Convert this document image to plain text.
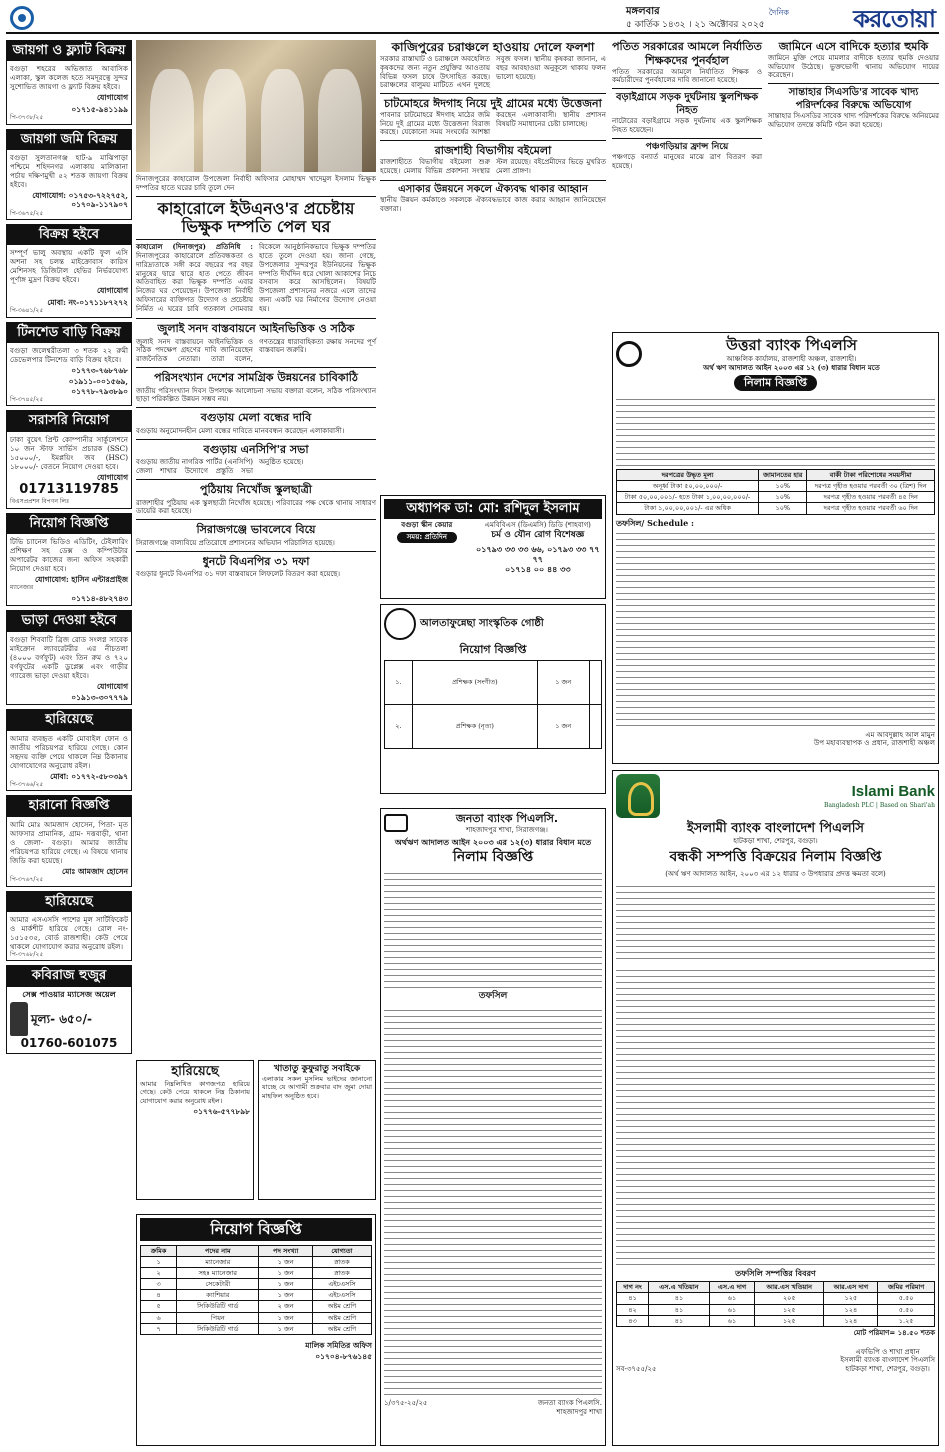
মঙ্গলবার
৫ কার্তিক ১৪৩২ । ২১ অক্টোবর ২০২৫
দৈনিক	করতোয়া
জায়গা ও ফ্ল্যাট বিক্রয়
বগুড়া শহরের অভিজাত আবাসিক এলাকা, স্কুল কলেজ হতে সমদূরত্বে সুন্দর সুশোভিত জায়গা ও ফ্ল্যাট বিক্রয় হইবে।
যোগাযোগ
০১৭১৫-৯৪১১৯৯
পি-৩৭৩৮/২৫
জায়গা জমি বিক্রয়
বগুড়া সুলতানগঞ্জ হাট-৯ মাঝিপাড়া পশ্চিমে শহিদনগর এলাকায় মালিকানা পর্চায় দক্ষিণমুখী ৫২ শতক জায়গা বিক্রয় হইবে।
যোগাযোগ: ০১৭৫৩-৭২২৭৫২, ০১৭০৯-১১৭৯০৭
পি-৩৬৭৫/২৫
বিক্রয় হইবে
সম্পূর্ণ ভালু অবস্থায় একটি ফুল এসি অশনা সহ চলন্ত মাইক্রোবাস কারিস মেশিনসহ ডিজিটাল হেভির নির্ভরযোগ্য পূর্ণাঙ্গ মুদ্রণ বিক্রয় হইবে।
যোগাযোগ
মোবা: নং-০১৭১১৮৭২৭২
পি-৩৬৪১/২৫
টিনশেড বাড়ি বিক্রয়
বগুড়া জলেশ্বরীতলা ৩ শতক ২২ রুমী ডেভেলপার টিনশেড বাড়ি বিক্রয় হইবে।
০১৭৭৩-৭৬৮৭৬৮
০১৯১১-০০১৫৬৯, ০১৭৭৮-৭৯৩৮৯০
পি-৩৭৪৫/২৫
সরাসরি নিয়োগ
ঢাকা বুয়েৎ প্রিন্ট কোম্পানীর সার্কুলেশনে ১০ জন স্টাফ সার্ভিস প্রচারক (SSC) ১৫০০০/-, ইমপ্লয়িং জব (HSC) ১৮০০০/- বেতনে নিয়োগ দেওয়া হবে।
যোগাযোগ
01713119785
বিএসপ্রপ্রশন বিপণন লিঃ
নিয়োগ বিজ্ঞপ্তি
টিভি চ্যানেল ভিডিও এডিটিং, টেইলারিং প্রশিক্ষণ সহ ডেক্স ও কম্পিউটার অপারেটর কাজের জন্য অফিস সহকারী নিয়োগ দেওয়া হবে।
যোগাযোগ: হাসিন এন্টারপ্রাইজ
ম্যানেজার
০১৭১৪-৪৮২৭৪৩
ভাড়া দেওয়া হইবে
বগুড়া শিববাটি ব্রিজ রোড সংলগ্ন সাবেক মাইক্রোন ল্যাবরেটরীর এর নীচতলা (৪০০০ বর্গফুট) এবং তিন রুম ও ৭২০ বর্গফুটের একটি ডুপ্লেক্স এবং গাড়ীর গ্যারেজ ভাড়া দেওয়া হইবে।
যোগাযোগ
০১৯১৩-৩০৭৭৭৯
হারিয়েছে
আমার ব্যবহৃত একটি মোবাইল ফোন ও জাতীয় পরিচয়পত্র হারিয়ে গেছে। কোন সহৃদয় ব্যক্তি পেয়ে থাকলে নিম্ন ঠিকানায় যোগাযোগের অনুরোধ রইল।
মোবা: ০১৭৭২-৫৮০৩৯৭
পি-৩৭৬৬/২৫
হারানো বিজ্ঞপ্তি
আমি মোঃ আমজাদ হোসেন, পিতা- মৃত আফসার প্রামানিক, গ্রাম- দত্তবাড়ী, থানা ও জেলা- বগুড়া। আমার জাতীয় পরিচয়পত্র হারিয়ে গেছে। এ বিষয়ে থানায় জিডি করা হয়েছে।
মোঃ আমজাদ হোসেন
পি-৩৭৬৭/২৫
হারিয়েছে
আমার এসএসসি পাশের মূল সার্টিফিকেট ও মার্কশীট হারিয়ে গেছে। রোল নং- ১৫১৫৩৫, বোর্ড রাজশাহী। কেউ পেয়ে থাকলে যোগাযোগ করার অনুরোধ রইল।
পি-৩৭৬৮/২৫
কবিরাজ হুজুর
সেক্স পাওয়ার ম্যাসেজ অয়েল
মূল্য- ৬৫০/-
01760-601075
দিনাজপুরের কাহারোল উপজেলা নির্বাহী অফিসার মোহাম্মদ খাদেমুল ইসলাম ভিক্ষুক দম্পতির হাতে ঘরের চাবি তুলে দেন
কাহারোলে ইউএনও'র প্রচেষ্টায় ভিক্ষুক দম্পতি পেল ঘর
কাহারোল (দিনাজপুর) প্রতিনিধি : দিনাজপুরের কাহারোলে প্রতিবন্ধকতা ও দারিদ্র্যতাকে সঙ্গী করে বছরের পর বছর মানুষের দ্বারে দ্বারে হাত পেতে জীবন অতিবাহিত করা ভিক্ষুক দম্পতি এবার নিজের ঘর পেয়েছেন। উপজেলা নির্বাহী অফিসারের ব্যক্তিগত উদ্যোগ ও প্রচেষ্টায় নির্মিত এ ঘরের চাবি গতকাল সোমবার বিকেলে আনুষ্ঠানিকভাবে ভিক্ষুক দম্পতির হাতে তুলে দেওয়া হয়। জানা গেছে, উপজেলার সুন্দরপুর ইউনিয়নের ভিক্ষুক দম্পতি দীর্ঘদিন ধরে খোলা আকাশের নিচে বসবাস করে আসছিলেন। বিষয়টি উপজেলা প্রশাসনের নজরে এলে তাদের জন্য একটি ঘর নির্মাণের উদ্যোগ নেওয়া হয়।
জুলাই সনদ বাস্তবায়নে আইনভিত্তিক ও সঠিক
জুলাই সনদ বাস্তবায়নে আইনভিত্তিক ও সঠিক পদক্ষেপ গ্রহণের দাবি জানিয়েছেন রাজনৈতিক নেতারা। তারা বলেন, গণতন্ত্রের ধারাবাহিকতা রক্ষায় সনদের পূর্ণ বাস্তবায়ন জরুরি।
পরিসংখ্যান দেশের সামগ্রিক উন্নয়নের চাবিকাঠি
জাতীয় পরিসংখ্যান দিবস উপলক্ষে আলোচনা সভায় বক্তারা বলেন, সঠিক পরিসংখ্যান ছাড়া পরিকল্পিত উন্নয়ন সম্ভব নয়।
বগুড়ায় মেলা বন্ধের দাবি
বগুড়ায় অনুমোদনহীন মেলা বন্ধের দাবিতে মানববন্ধন করেছেন এলাকাবাসী।
বগুড়ায় এনসিপি'র সভা
বগুড়ায় জাতীয় নাগরিক পার্টির (এনসিপি) জেলা শাখার উদ্যোগে প্রস্তুতি সভা অনুষ্ঠিত হয়েছে।
পুঠিয়ায় নিখোঁজ স্কুলছাত্রী
রাজশাহীর পুঠিয়ায় এক স্কুলছাত্রী নিখোঁজ হয়েছে। পরিবারের পক্ষ থেকে থানায় সাধারণ ডায়েরি করা হয়েছে।
সিরাজগঞ্জে ভাবলেবে বিয়ে
সিরাজগঞ্জে বাল্যবিয়ে প্রতিরোধে প্রশাসনের অভিযান পরিচালিত হয়েছে।
ধুনটে বিএনপির ৩১ দফা
বগুড়ার ধুনটে বিএনপির ৩১ দফা বাস্তবায়নে লিফলেট বিতরণ করা হয়েছে।
হারিয়েছে
আমার নিম্নলিখিত কাগজপত্র হারিয়ে গেছে। কেউ পেয়ে থাকলে নিম্ন ঠিকানায় যোগাযোগ করার অনুরোধ রইল।
০১৭৭৬-৫৭৭৮৯৮
খাতাতু কুফুরাতু সবাইকে
এলাকার সকল মুসলিম ভাইদের জানানো যাচ্ছে যে আগামী শুক্রবার বাদ জুমা দোয়া মাহফিল অনুষ্ঠিত হবে।
নিয়োগ বিজ্ঞপ্তি
ক্রমিক	পদের নাম	পদ সংখ্যা	যোগ্যতা
১	ম্যানেজার	১ জন	স্নাতক
২	সহঃ ম্যানেজার	১ জন	স্নাতক
৩	সেকেটারী	১ জন	এইচএসসি
৪	ক্যাশিয়ার	১ জন	এইচএসসি
৫	সিকিউরিটি গার্ড	২ জন	অষ্টম শ্রেণি
৬	পিয়ন	১ জন	অষ্টম শ্রেণি
৭	সিকিউরিটি গার্ড	১ জন	অষ্টম শ্রেণি
মালিক সমিতির অফিস
০১৭০৪-৮৭৬১৪৫
কাজিপুরের চরাঞ্চলে হাওয়ায় দোলে ফলশা
সরকার রাস্তাঘাট ও চরাঞ্চলে অবহেলিত কৃষকদের জন্য নতুন প্রযুক্তির আওতায় বিভিন্ন ফসল চাষে উৎসাহিত করছে। চরাঞ্চলের বালুময় মাটিতে এখন দুলছে সবুজ ফসল। স্থানীয় কৃষকরা জানান, এ বছর আবহাওয়া অনুকূলে থাকায় ফলন ভালো হয়েছে।
চাটমোহরে ঈদগাহ নিয়ে দুই গ্রামের মধ্যে উত্তেজনা
পাবনার চাটমোহরে ঈদগাহ মাঠের জমি নিয়ে দুই গ্রামের মধ্যে উত্তেজনা বিরাজ করছে। যেকোনো সময় সংঘর্ষের আশঙ্কা করছেন এলাকাবাসী। স্থানীয় প্রশাসন বিষয়টি সমাধানের চেষ্টা চালাচ্ছে।
রাজশাহী বিভাগীয় বইমেলা
রাজশাহীতে বিভাগীয় বইমেলা শুরু হয়েছে। মেলায় বিভিন্ন প্রকাশনা সংস্থার স্টল রয়েছে। বইপ্রেমীদের ভিড়ে মুখরিত মেলা প্রাঙ্গণ।
এসাকার উন্নয়নে সকলে ঐক্যবদ্ধ থাকার আহ্বান
স্থানীয় উন্নয়ন কর্মকাণ্ডে সকলকে ঐক্যবদ্ধভাবে কাজ করার আহ্বান জানিয়েছেন বক্তারা।
অধ্যাপক ডা: মো: রশিদুল ইসলাম
বগুড়া স্কীন কেয়ার
সময়: প্রতিদিন
এমবিবিএস (ডিএমসি) ডিডি (শাহবাগ)
চর্ম ও যৌন রোগ বিশেষজ্ঞ
০১৭৯৩ ৩৩ ৩৩ ৬৬, ০১৭৯৩ ৩৩ ৭৭ ৭৭
০১৭১৪ ০০ ৪৪ ৩৩
আলতাফুন্নেছা সাংস্কৃতিক গোষ্ঠী
নিয়োগ বিজ্ঞপ্তি
১.	প্রশিক্ষক (সংগীত)	১ জন	
২.	প্রশিক্ষক (নৃত্য)	১ জন	
জনতা ব্যাংক পিএলসি.
শাহজাদপুর শাখা, সিরাজগঞ্জ।
অর্থঋণ আদালত আইন ২০০৩ এর ১২(৩) ধারার বিধান মতে
নিলাম বিজ্ঞপ্তি
তফসিল
১/৩৭৫-২৫/২৫	জনতা ব্যাংক পিএলসি.
শাহজাদপুর শাখা
পতিত সরকারের আমলে নির্যাতিত শিক্ষকদের পুনর্বহাল
পতিত সরকারের আমলে নির্যাতিত শিক্ষক ও কর্মচারীদের পুনর্বহালের দাবি জানানো হয়েছে।
বড়াইগ্রামে সড়ক দুর্ঘটনায় স্কুলশিক্ষক নিহত
নাটোরের বড়াইগ্রামে সড়ক দুর্ঘটনায় এক স্কুলশিক্ষক নিহত হয়েছেন।
পঞ্চগড়িয়ার ফ্রান্স নিয়ে
পঞ্চগড়ে বন্যার্ত মানুষের মাঝে ত্রাণ বিতরণ করা হয়েছে।
জামিনে এসে বাদিকে হত্যার হুমকি
জামিনে মুক্তি পেয়ে মামলার বাদীকে হত্যার হুমকি দেওয়ার অভিযোগ উঠেছে। ভুক্তভোগী থানায় অভিযোগ দায়ের করেছেন।
সান্তাহার সিএসডি'র সাবেক খাদ্য পরিদর্শকের বিরুদ্ধে অভিযোগ
সান্তাহার সিএসডির সাবেক খাদ্য পরিদর্শকের বিরুদ্ধে অনিয়মের অভিযোগ তদন্তে কমিটি গঠন করা হয়েছে।
উত্তরা ব্যাংক পিএলসি
আঞ্চলিক কার্যালয়, রাজশাহী অঞ্চল, রাজশাহী।
অর্থ ঋণ আদালত আইন ২০০৩ এর ১২ (৩) ধারার বিধান মতে
নিলাম বিজ্ঞপ্তি
দরপত্রের উদ্ধৃত মূল্য	জামানতের হার	বাকী টাকা পরিশোধের সময়সীমা
অনূর্ধ্ব টাকা ৫০,০০,০০০/-	১০%	দরপত্র গৃহীত হওয়ার পরবর্তী ৩০ (ত্রিশ) দিন
টাকা ৫০,০০,০০১/- হতে টাকা ১,০০,০০,০০০/-	১০%	দরপত্র গৃহীত হওয়ার পরবর্তী ৪৫ দিন
টাকা ১,০০,০০,০০১/- এর অধিক	১০%	দরপত্র গৃহীত হওয়ার পরবর্তী ৬০ দিন
তফসিল/ Schedule :
এম আবদুল্লাহ আল মামুন
উপ মহাব্যবস্থাপক ও প্রধান, রাজশাহী অঞ্চল
Islami Bank
Bangladesh PLC | Based on Shari'ah
ইসলামী ব্যাংক বাংলাদেশ পিএলসি
হাটকড়া শাখা, শেরপুর, বগুড়া।
বন্ধকী সম্পত্তি বিক্রয়ের নিলাম বিজ্ঞপ্তি
(অর্থ ঋণ আদালত আইন, ২০০৩ এর ১২ ধারার ৩ উপধারার প্রদত্ত ক্ষমতা বলে)
তফসিলি সম্পত্তির বিবরণ
দাগ নং	এস.এ খতিয়ান	এস.এ দাগ	আর.এস খতিয়ান	আর.এস দাগ	জমির পরিমাণ
৪১	৪১	৬১	২০৫	১২৫	৫.৫০
৪২	৪১	৬১	১২৫	১২৪	৫.৫০
৪৩	৪১	৬১	১২৫	১২৪	১.২৫
মোট পরিমাণ= ১৪.৫০ শতক
সব-৩৭৫৫/২৫
এফভিপি ও শাখা প্রধান
ইসলামী ব্যাংক বাংলাদেশ পিএলসি
হাটকড়া শাখা, শেরপুর, বগুড়া।
